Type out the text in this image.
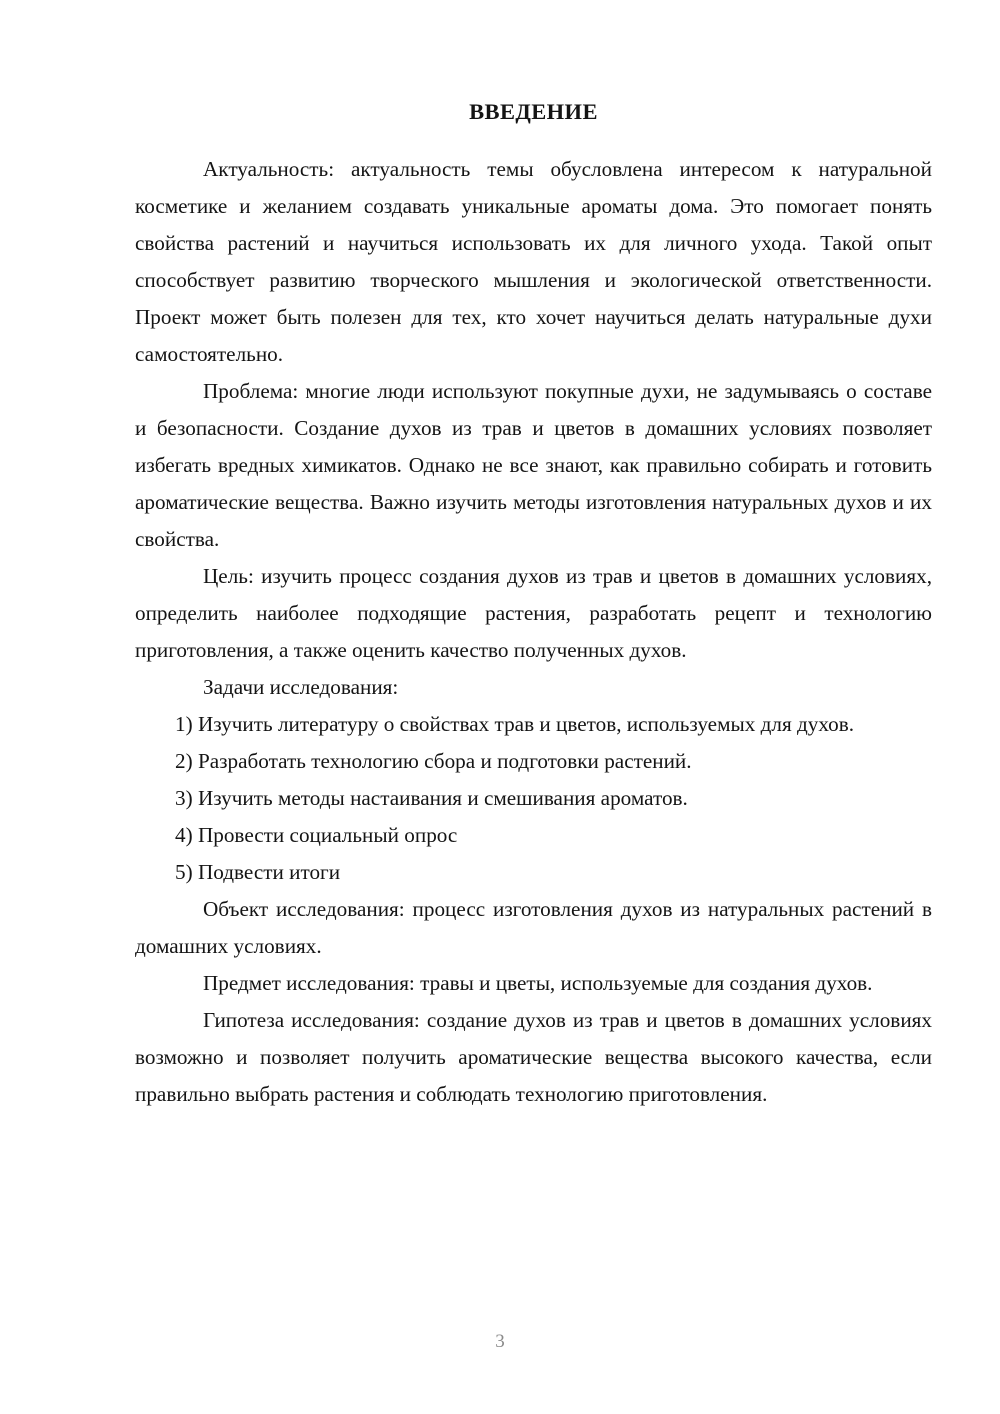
ВВЕДЕНИЕ

Актуальность: актуальность темы обусловлена интересом к натуральной косметике и желанием создавать уникальные ароматы дома. Это помогает понять свойства растений и научиться использовать их для личного ухода. Такой опыт способствует развитию творческого мышления и экологической ответственности. Проект может быть полезен для тех, кто хочет научиться делать натуральные духи самостоятельно.

Проблема: многие люди используют покупные духи, не задумываясь о составе и безопасности. Создание духов из трав и цветов в домашних условиях позволяет избегать вредных химикатов. Однако не все знают, как правильно собирать и готовить ароматические вещества. Важно изучить методы изготовления натуральных духов и их свойства.

Цель: изучить процесс создания духов из трав и цветов в домашних условиях, определить наиболее подходящие растения, разработать рецепт и технологию приготовления, а также оценить качество полученных духов.

Задачи исследования:

1) Изучить литературу о свойствах трав и цветов, используемых для духов.
2) Разработать технологию сбора и подготовки растений.
3) Изучить методы настаивания и смешивания ароматов.
4) Провести социальный опрос
5) Подвести итоги

Объект исследования: процесс изготовления духов из натуральных растений в домашних условиях.

Предмет исследования: травы и цветы, используемые для создания духов.

Гипотеза исследования: создание духов из трав и цветов в домашних условиях возможно и позволяет получить ароматические вещества высокого качества, если правильно выбрать растения и соблюдать технологию приготовления.

3
